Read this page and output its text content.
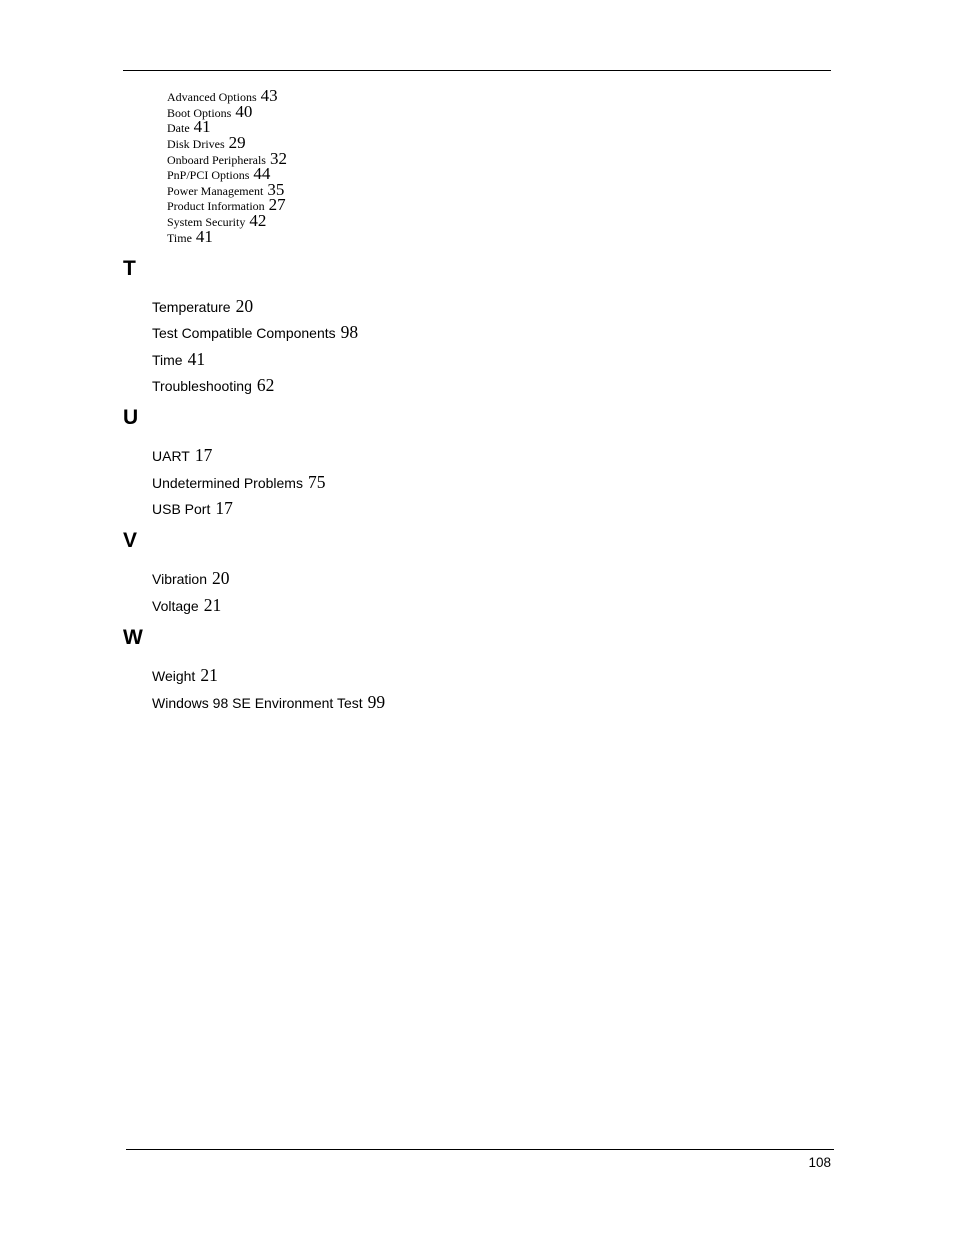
Advanced Options 43
Boot Options 40
Date 41
Disk Drives 29
Onboard Peripherals 32
PnP/PCI Options 44
Power Management 35
Product Information 27
System Security 42
Time 41
T
Temperature 20
Test Compatible Components 98
Time 41
Troubleshooting 62
U
UART 17
Undetermined Problems 75
USB Port 17
V
Vibration 20
Voltage 21
W
Weight 21
Windows 98 SE Environment Test 99
108
